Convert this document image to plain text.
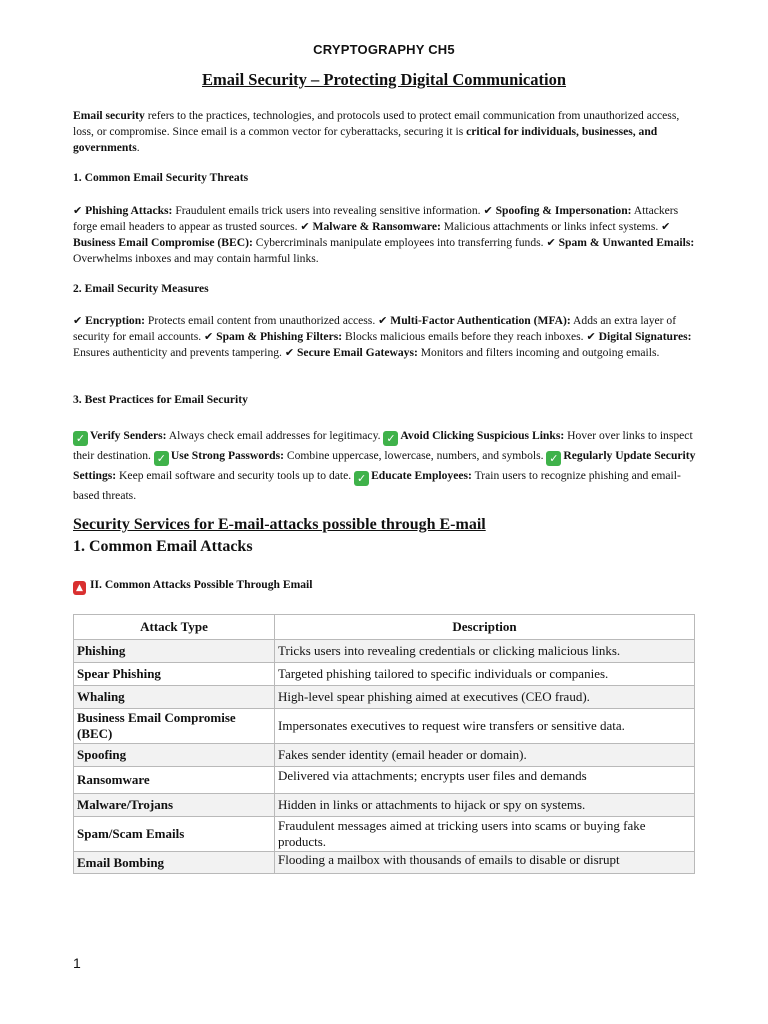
CRYPTOGRAPHY CH5
Email Security – Protecting Digital Communication

Email security refers to the practices, technologies, and protocols used to protect email communication from unauthorized access, loss, or compromise. Since email is a common vector for cyberattacks, securing it is critical for individuals, businesses, and governments.

1. Common Email Security Threats

✔ Phishing Attacks: Fraudulent emails trick users into revealing sensitive information. ✔ Spoofing & Impersonation: Attackers forge email headers to appear as trusted sources. ✔ Malware & Ransomware: Malicious attachments or links infect systems. ✔ Business Email Compromise (BEC): Cybercriminals manipulate employees into transferring funds. ✔ Spam & Unwanted Emails: Overwhelms inboxes and may contain harmful links.

2. Email Security Measures

✔ Encryption: Protects email content from unauthorized access. ✔ Multi-Factor Authentication (MFA): Adds an extra layer of security for email accounts. ✔ Spam & Phishing Filters: Blocks malicious emails before they reach inboxes. ✔ Digital Signatures: Ensures authenticity and prevents tampering. ✔ Secure Email Gateways: Monitors and filters incoming and outgoing emails.

3. Best Practices for Email Security

✓ Verify Senders: Always check email addresses for legitimacy. ✓ Avoid Clicking Suspicious Links: Hover over links to inspect their destination. ✓ Use Strong Passwords: Combine uppercase, lowercase, numbers, and symbols. ✓ Regularly Update Security Settings: Keep email software and security tools up to date. ✓ Educate Employees: Train users to recognize phishing and email-based threats.

Security Services for E-mail-attacks possible through E-mail

1. Common Email Attacks

▲ II. Common Attacks Possible Through Email

Attack Type	Description
Phishing	Tricks users into revealing credentials or clicking malicious links.
Spear Phishing	Targeted phishing tailored to specific individuals or companies.
Whaling	High-level spear phishing aimed at executives (CEO fraud).
Business Email Compromise (BEC)	Impersonates executives to request wire transfers or sensitive data.
Spoofing	Fakes sender identity (email header or domain).
Ransomware	Delivered via attachments; encrypts user files and demands
Malware/Trojans	Hidden in links or attachments to hijack or spy on systems.
Spam/Scam Emails	Fraudulent messages aimed at tricking users into scams or buying fake products.
Email Bombing	Flooding a mailbox with thousands of emails to disable or disrupt
1
